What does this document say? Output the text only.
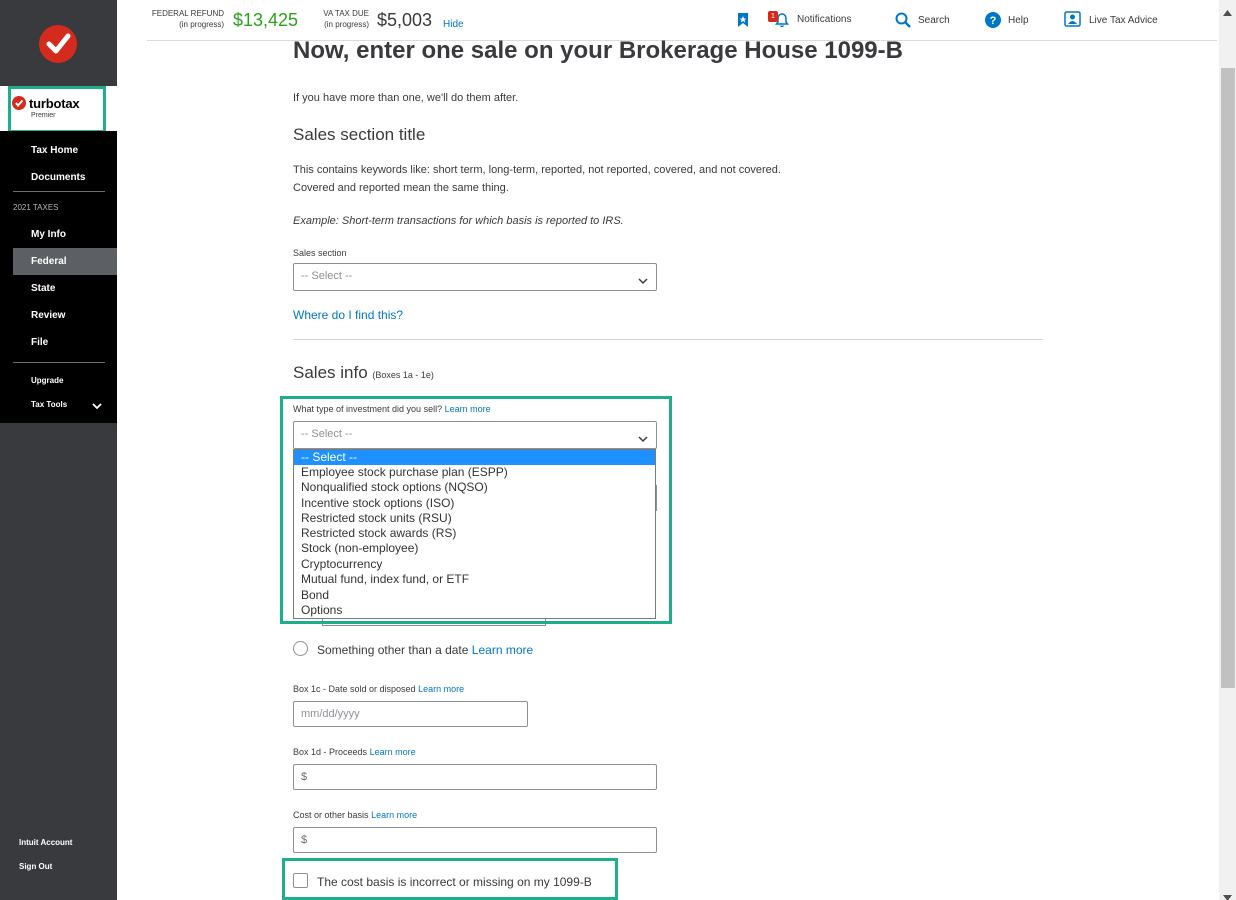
turbotax
Premier
Tax Home
Documents
2021 TAXES
My Info
Federal
State
Review
File
Upgrade
Tax Tools
Intuit Account
Sign Out
FEDERAL REFUND
(in progress) $13,425	VA TAX DUE
(in progress) $5,003 Hide
1	Notifications	Search	? Help	Live Tax Advice
Now, enter one sale on your Brokerage House 1099-B
If you have more than one, we'll do them after.
Sales section title
This contains keywords like: short term, long-term, reported, not reported, covered, and not covered.
Covered and reported mean the same thing.
Example: Short-term transactions for which basis is reported to IRS.
Sales section
-- Select --
Where do I find this?
Sales info (Boxes 1a - 1e)
What type of investment did you sell? Learn more
-- Select --
-- Select --
Employee stock purchase plan (ESPP)
Nonqualified stock options (NQSO)
Incentive stock options (ISO)
Restricted stock units (RSU)
Restricted stock awards (RS)
Stock (non-employee)
Cryptocurrency
Mutual fund, index fund, or ETF
Bond
Options
Something other than a date Learn more
Box 1c - Date sold or disposed Learn more
mm/dd/yyyy
Box 1d - Proceeds Learn more
$
Cost or other basis Learn more
$
The cost basis is incorrect or missing on my 1099-B
